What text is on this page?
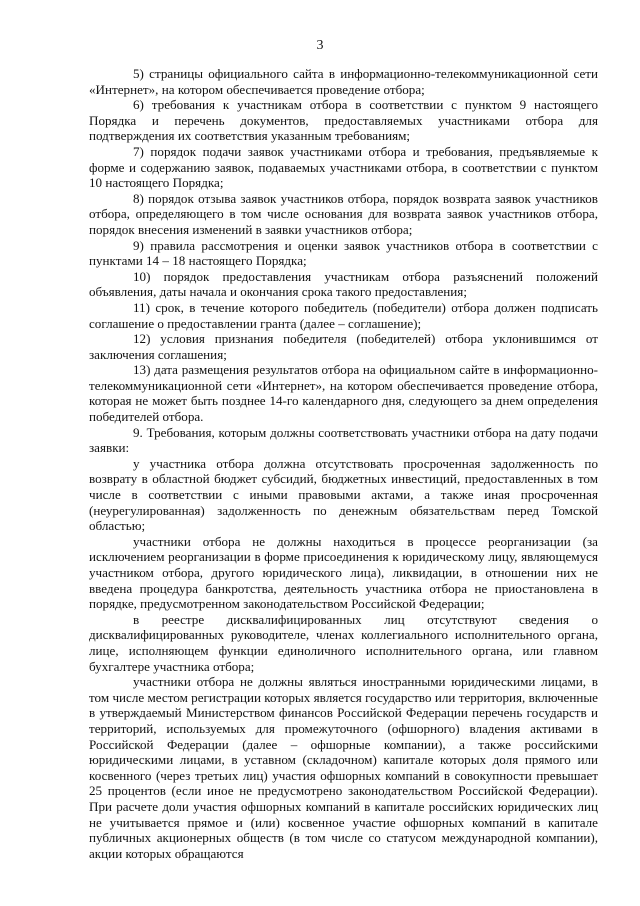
3

5) страницы официального сайта в информационно-телекоммуникационной сети «Интернет», на котором обеспечивается проведение отбора;

6) требования к участникам отбора в соответствии с пунктом 9 настоящего Порядка и перечень документов, предоставляемых участниками отбора для подтверждения их соответствия указанным требованиям;

7) порядок подачи заявок участниками отбора и требования, предъявляемые к форме и содержанию заявок, подаваемых участниками отбора, в соответствии с пунктом 10 настоящего Порядка;

8) порядок отзыва заявок участников отбора, порядок возврата заявок участников отбора, определяющего в том числе основания для возврата заявок участников отбора, порядок внесения изменений в заявки участников отбора;

9) правила рассмотрения и оценки заявок участников отбора в соответствии с пунктами 14 – 18 настоящего Порядка;

10) порядок предоставления участникам отбора разъяснений положений объявления, даты начала и окончания срока такого предоставления;

11) срок, в течение которого победитель (победители) отбора должен подписать соглашение о предоставлении гранта (далее – соглашение);

12) условия признания победителя (победителей) отбора уклонившимся от заключения соглашения;

13) дата размещения результатов отбора на официальном сайте в информационно-телекоммуникационной сети «Интернет», на котором обеспечивается проведение отбора, которая не может быть позднее 14-го календарного дня, следующего за днем определения победителей отбора.

9. Требования, которым должны соответствовать участники отбора на дату подачи заявки:

у участника отбора должна отсутствовать просроченная задолженность по возврату в областной бюджет субсидий, бюджетных инвестиций, предоставленных в том числе в соответствии с иными правовыми актами, а также иная просроченная (неурегулированная) задолженность по денежным обязательствам перед Томской областью;

участники отбора не должны находиться в процессе реорганизации (за исключением реорганизации в форме присоединения к юридическому лицу, являющемуся участником отбора, другого юридического лица), ликвидации, в отношении них не введена процедура банкротства, деятельность участника отбора не приостановлена в порядке, предусмотренном законодательством Российской Федерации;

в реестре дисквалифицированных лиц отсутствуют сведения о дисквалифицированных руководителе, членах коллегиального исполнительного органа, лице, исполняющем функции единоличного исполнительного органа, или главном бухгалтере участника отбора;

участники отбора не должны являться иностранными юридическими лицами, в том числе местом регистрации которых является государство или территория, включенные в утверждаемый Министерством финансов Российской Федерации перечень государств и территорий, используемых для промежуточного (офшорного) владения активами в Российской Федерации (далее – офшорные компании), а также российскими юридическими лицами, в уставном (складочном) капитале которых доля прямого или косвенного (через третьих лиц) участия офшорных компаний в совокупности превышает 25 процентов (если иное не предусмотрено законодательством Российской Федерации). При расчете доли участия офшорных компаний в капитале российских юридических лиц не учитывается прямое и (или) косвенное участие офшорных компаний в капитале публичных акционерных обществ (в том числе со статусом международной компании), акции которых обращаются
